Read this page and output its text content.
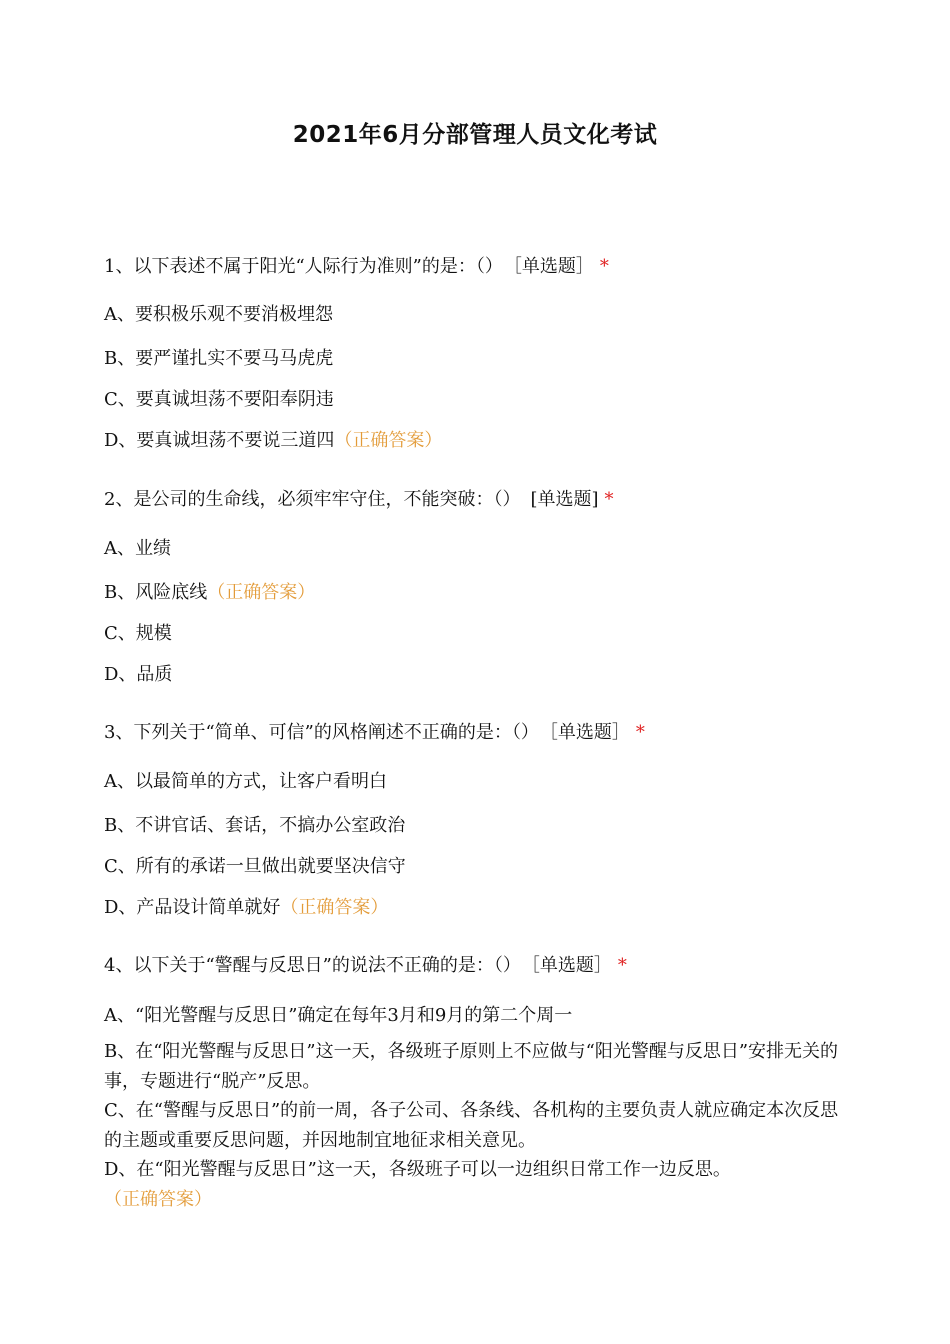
2021年6月分部管理人员文化考试
1、以下表述不属于阳光“人际行为准则”的是：（） ［单选题］ *
A、要积极乐观不要消极埋怨
B、要严谨扎实不要马马虎虎
C、要真诚坦荡不要阳奉阴违
D、要真诚坦荡不要说三道四（正确答案）
2、是公司的生命线，必须牢牢守住，不能突破：（） [单选题] *
A、业绩
B、风险底线（正确答案）
C、规模
D、品质
3、下列关于“简单、可信”的风格阐述不正确的是：（） ［单选题］ *
A、以最简单的方式，让客户看明白
B、不讲官话、套话，不搞办公室政治
C、所有的承诺一旦做出就要坚决信守
D、产品设计简单就好（正确答案）
4、以下关于“警醒与反思日”的说法不正确的是：（） ［单选题］ *
A、“阳光警醒与反思日”确定在每年3月和9月的第二个周一
B、在“阳光警醒与反思日”这一天，各级班子原则上不应做与“阳光警醒与反思日”安排无关的事，专题进行“脱产”反思。
C、在“警醒与反思日”的前一周，各子公司、各条线、各机构的主要负责人就应确定本次反思的主题或重要反思问题，并因地制宜地征求相关意见。
D、在“阳光警醒与反思日”这一天，各级班子可以一边组织日常工作一边反思。
（正确答案）
